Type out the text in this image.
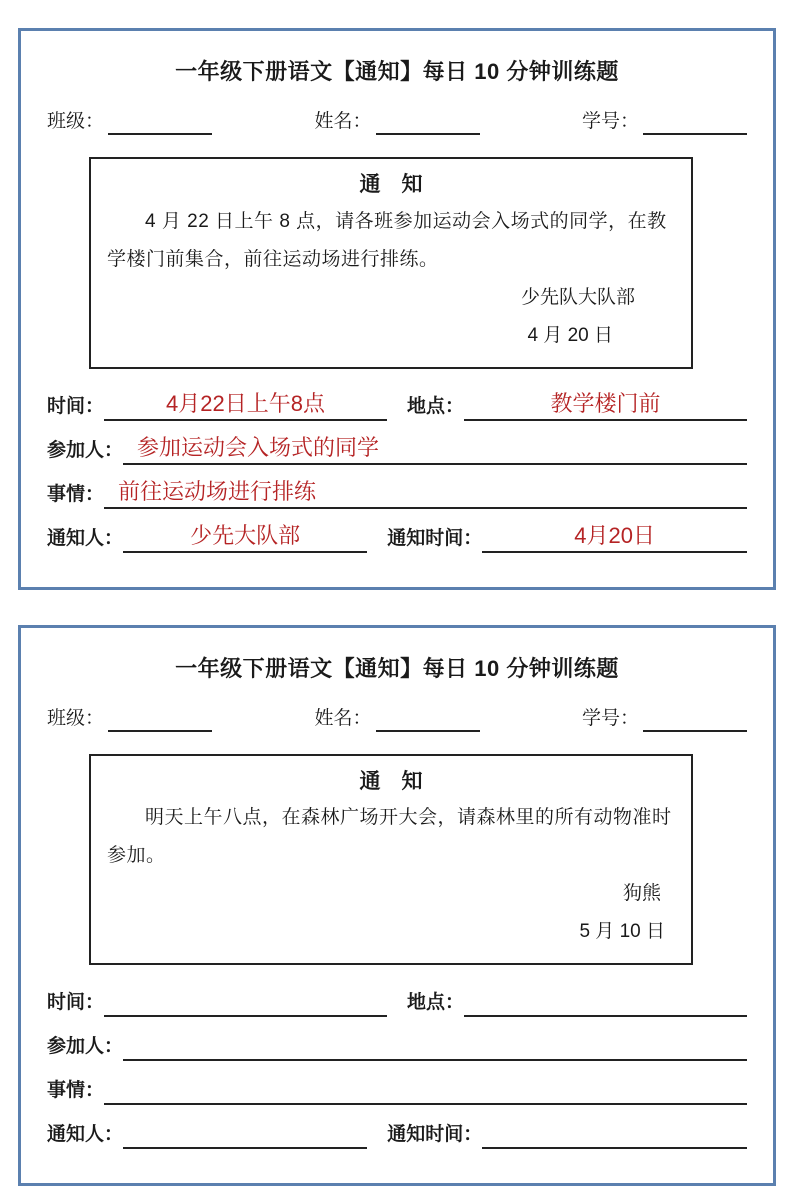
一年级下册语文【通知】每日 10 分钟训练题
班级：	姓名：	学号：
通　知

4 月 22 日上午 8 点，请各班参加运动会入场式的同学，在教学楼门前集合，前往运动场进行排练。

少先队大队部
4 月 20 日
时间：	4月22日上午8点	地点：	教学楼门前
参加人： 参加运动会入场式的同学
事情： 前往运动场进行排练
通知人：	少先大队部	通知时间：	4月20日
一年级下册语文【通知】每日 10 分钟训练题
班级：	姓名：	学号：
通　知

明天上午八点，在森林广场开大会，请森林里的所有动物准时参加。

狗熊
5 月 10 日
时间：	地点：
参加人：
事情：
通知人：	通知时间：
